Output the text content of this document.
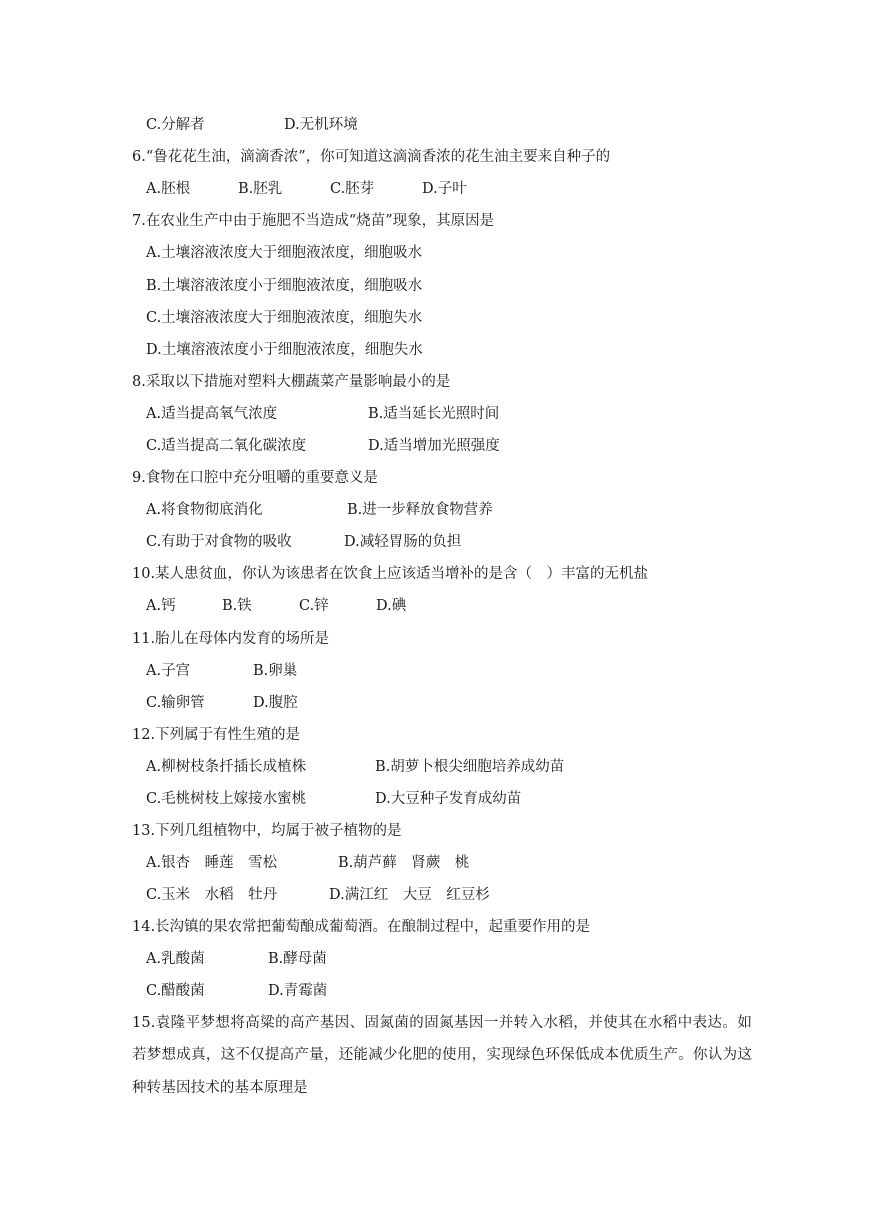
C.分解者	D.无机环境
6.“鲁花花生油，滴滴香浓”，你可知道这滴滴香浓的花生油主要来自种子的
A.胚根	B.胚乳	C.胚芽	D.子叶
7.在农业生产中由于施肥不当造成“烧苗”现象，其原因是
A.土壤溶液浓度大于细胞液浓度，细胞吸水
B.土壤溶液浓度小于细胞液浓度，细胞吸水
C.土壤溶液浓度大于细胞液浓度，细胞失水
D.土壤溶液浓度小于细胞液浓度，细胞失水
8.采取以下措施对塑料大棚蔬菜产量影响最小的是
A.适当提高氧气浓度	B.适当延长光照时间
C.适当提高二氧化碳浓度	D.适当增加光照强度
9.食物在口腔中充分咀嚼的重要意义是
A.将食物彻底消化	B.进一步释放食物营养
C.有助于对食物的吸收	D.减轻胃肠的负担
10.某人患贫血，你认为该患者在饮食上应该适当增补的是含（　）丰富的无机盐
A.钙	B.铁	C.锌	D.碘
11.胎儿在母体内发育的场所是
A.子宫	B.卵巢
C.输卵管	D.腹腔
12.下列属于有性生殖的是
A.柳树枝条扦插长成植株	B.胡萝卜根尖细胞培养成幼苗
C.毛桃树枝上嫁接水蜜桃	D.大豆种子发育成幼苗
13.下列几组植物中，均属于被子植物的是
A.银杏　睡莲　雪松	B.葫芦藓　肾蕨　桃
C.玉米　水稻　牡丹	D.满江红　大豆　红豆杉
14.长沟镇的果农常把葡萄酿成葡萄酒。在酿制过程中，起重要作用的是
A.乳酸菌	B.酵母菌
C.醋酸菌	D.青霉菌
15.袁隆平梦想将高粱的高产基因、固氮菌的固氮基因一并转入水稻，并使其在水稻中表达。如若梦想成真，这不仅提高产量，还能减少化肥的使用，实现绿色环保低成本优质生产。你认为这种转基因技术的基本原理是
